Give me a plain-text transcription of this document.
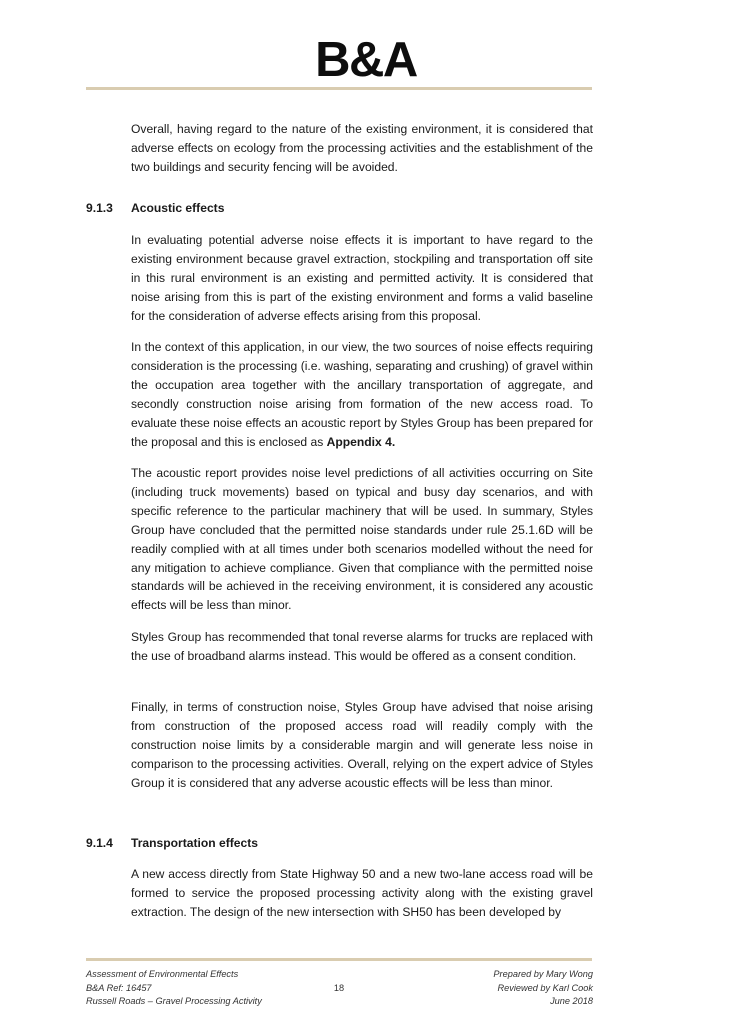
B&A

Overall, having regard to the nature of the existing environment, it is considered that adverse effects on ecology from the processing activities and the establishment of the two buildings and security fencing will be avoided.

9.1.3 Acoustic effects

In evaluating potential adverse noise effects it is important to have regard to the existing environment because gravel extraction, stockpiling and transportation off site in this rural environment is an existing and permitted activity. It is considered that noise arising from this is part of the existing environment and forms a valid baseline for the consideration of adverse effects arising from this proposal.

In the context of this application, in our view, the two sources of noise effects requiring consideration is the processing (i.e. washing, separating and crushing) of gravel within the occupation area together with the ancillary transportation of aggregate, and secondly construction noise arising from formation of the new access road. To evaluate these noise effects an acoustic report by Styles Group has been prepared for the proposal and this is enclosed as Appendix 4.

The acoustic report provides noise level predictions of all activities occurring on Site (including truck movements) based on typical and busy day scenarios, and with specific reference to the particular machinery that will be used. In summary, Styles Group have concluded that the permitted noise standards under rule 25.1.6D will be readily complied with at all times under both scenarios modelled without the need for any mitigation to achieve compliance. Given that compliance with the permitted noise standards will be achieved in the receiving environment, it is considered any acoustic effects will be less than minor.

Styles Group has recommended that tonal reverse alarms for trucks are replaced with the use of broadband alarms instead. This would be offered as a consent condition.

Finally, in terms of construction noise, Styles Group have advised that noise arising from construction of the proposed access road will readily comply with the construction noise limits by a considerable margin and will generate less noise in comparison to the processing activities. Overall, relying on the expert advice of Styles Group it is considered that any adverse acoustic effects will be less than minor.

9.1.4 Transportation effects

A new access directly from State Highway 50 and a new two-lane access road will be formed to service the proposed processing activity along with the existing gravel extraction. The design of the new intersection with SH50 has been developed by

Assessment of Environmental Effects
B&A Ref: 16457
Russell Roads – Gravel Processing Activity
18
Prepared by Mary Wong
Reviewed by Karl Cook
June 2018
